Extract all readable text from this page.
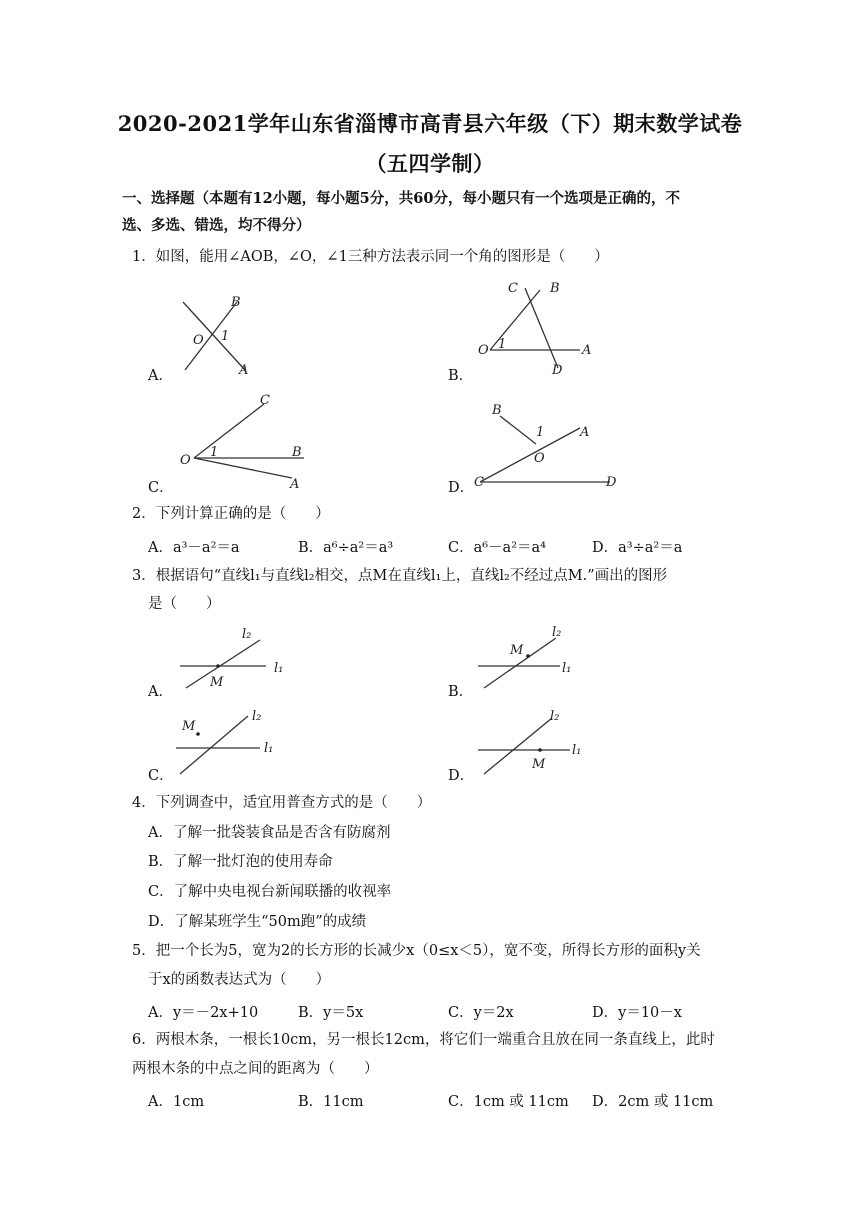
2020-2021学年山东省淄博市高青县六年级（下）期末数学试卷
（五四学制）
一、选择题（本题有12小题，每小题5分，共60分，每小题只有一个选项是正确的，不
选、多选、错选，均不得分）
1．如图，能用∠AOB，∠O，∠1三种方法表示同一个角的图形是（　　）
A．
B
O 1
A	B．
C B
O 1	A
D
C．
C
O
1	B
A	D．
B
1
O
A
C	D
2．下列计算正确的是（　　）
A．a³－a²＝a	B．a⁶÷a²＝a³	C．a⁶－a²＝a⁴	D．a³÷a²＝a
3．根据语句“直线l₁与直线l₂相交，点M在直线l₁上，直线l₂不经过点M.”画出的图形
是（　　）
A．
l₂
l₁
M
B．
M
l₂
l₁
C．
M
l₂
l₁
D．
l₂
l₁
M
4．下列调查中，适宜用普查方式的是（　　）
A．了解一批袋装食品是否含有防腐剂
B．了解一批灯泡的使用寿命
C．了解中央电视台新闻联播的收视率
D．了解某班学生“50m跑”的成绩
5．把一个长为5，宽为2的长方形的长减少x（0≤x＜5），宽不变，所得长方形的面积y关
于x的函数表达式为（　　）
A．y＝－2x+10	B．y＝5x	C．y＝2x	D．y＝10－x
6．两根木条，一根长10cm，另一根长12cm，将它们一端重合且放在同一条直线上，此时
两根木条的中点之间的距离为（　　）
A．1cm	B．11cm	C．1cm 或 11cm D．2cm 或 11cm
